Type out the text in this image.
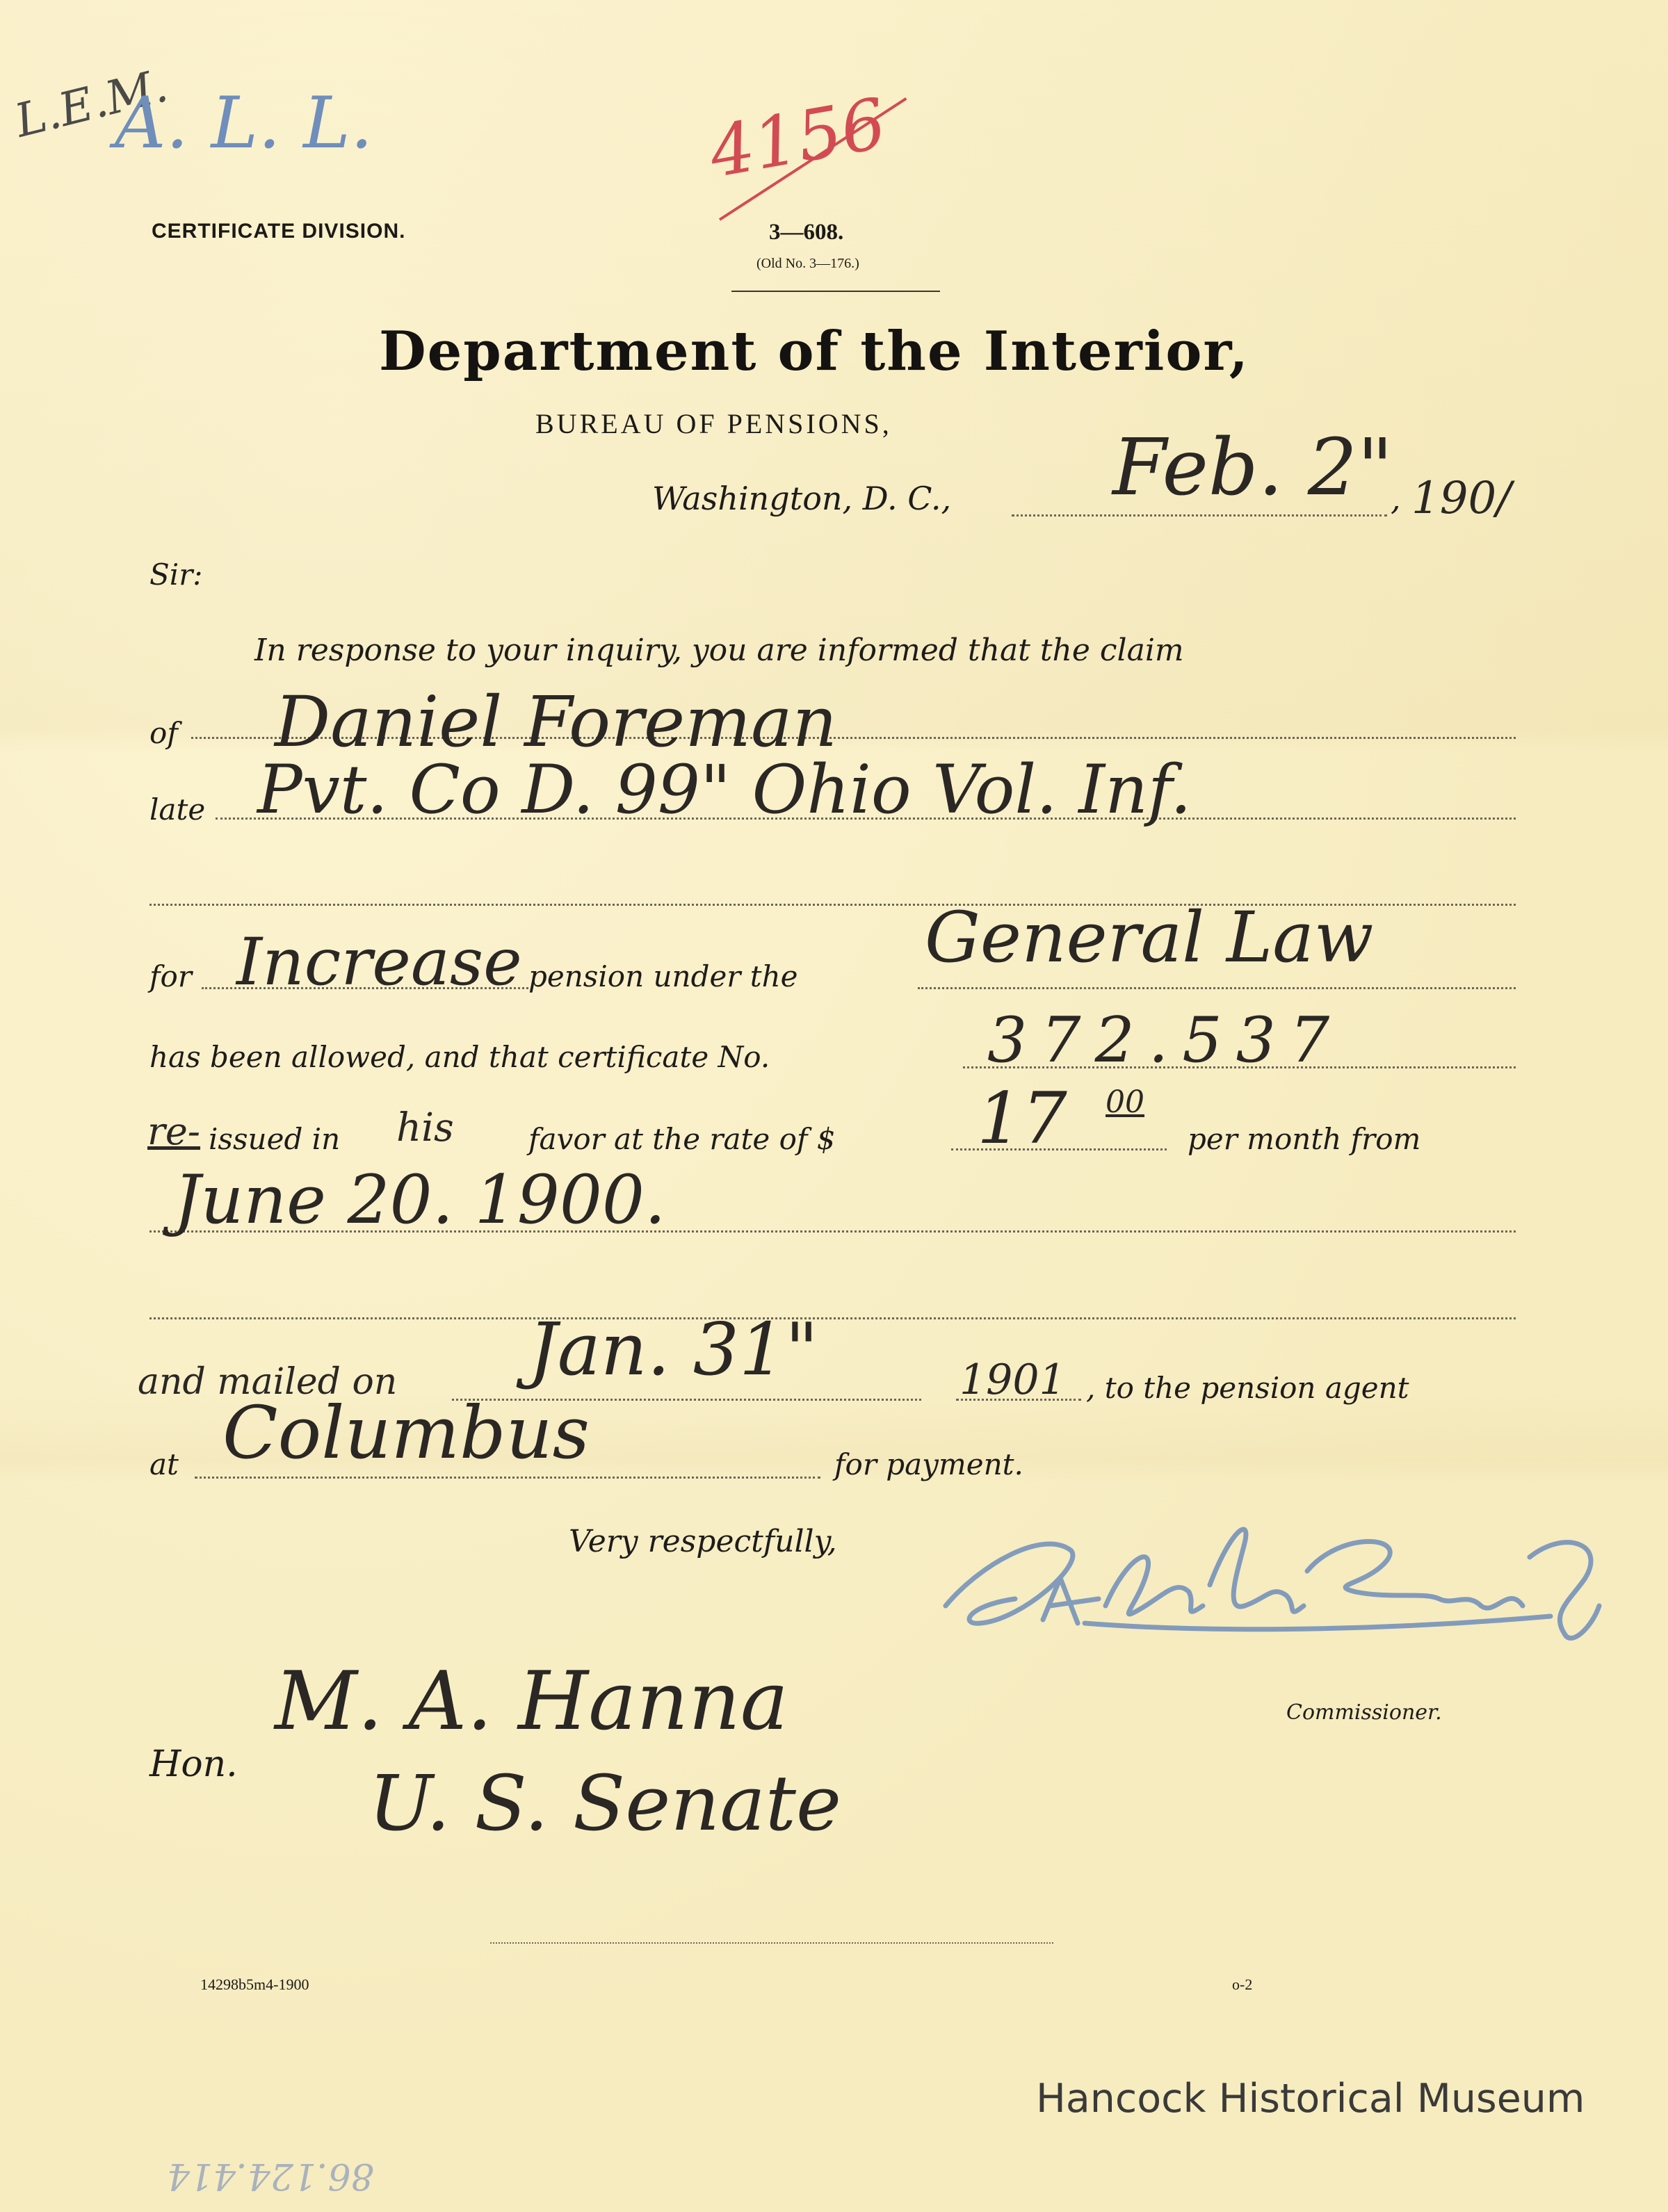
L.E.M.
A. L. L.	4156
CERTIFICATE DIVISION.	3—608.
(Old No. 3—176.)
Department of the Interior,
BUREAU OF PENSIONS,
Washington, D. C., Feb. 2"
, 190/
Sir:
In response to your inquiry, you are informed that the claim
of Daniel Foreman
late Pvt. Co D. 99" Ohio Vol. Inf.
for Increase pension under the General Law
has been allowed, and that certificate No.	372.537
re- issued in his	favor at the rate of $ 17 00
per month from
June 20. 1900.
and mailed on Jan. 31"	1901 , to the pension agent
at Columbus	for payment.
Very respectfully,
Commissioner.
Hon.
M. A. Hanna
U. S. Senate
14298b5m4-1900	o-2
Hancock Historical Museum
86.124.414
